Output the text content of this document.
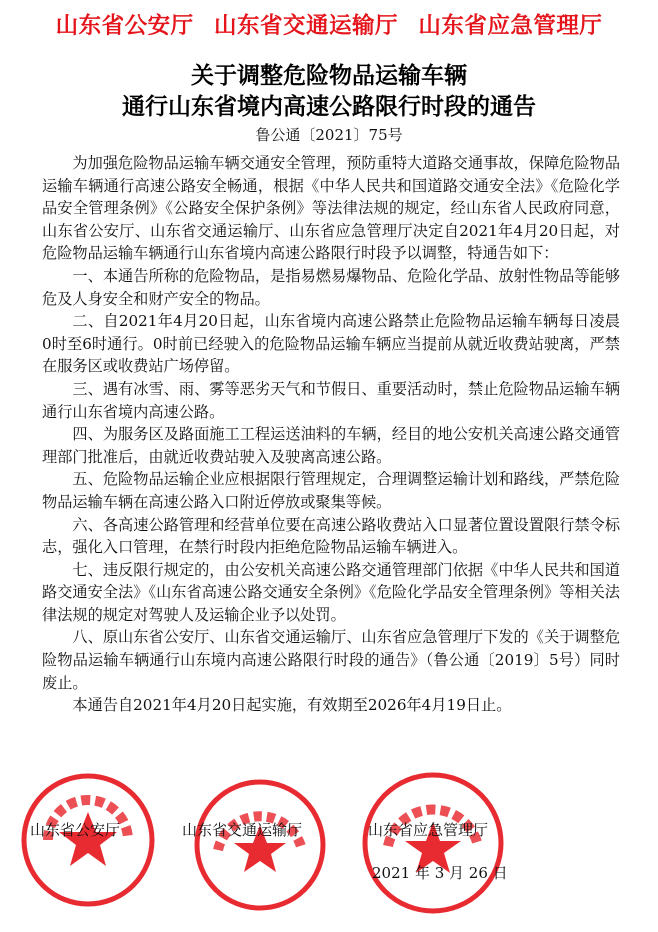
山东省公安厅 山东省交通运输厅 山东省应急管理厅
关于调整危险物品运输车辆
通行山东省境内高速公路限行时段的通告
鲁公通〔2021〕75号

为加强危险物品运输车辆交通安全管理，预防重特大道路交通事故，保障危险物品运输车辆通行高速公路安全畅通，根据《中华人民共和国道路交通安全法》《危险化学品安全管理条例》《公路安全保护条例》等法律法规的规定，经山东省人民政府同意，山东省公安厅、山东省交通运输厅、山东省应急管理厅决定自2021年4月20日起，对危险物品运输车辆通行山东省境内高速公路限行时段予以调整，特通告如下：

一、本通告所称的危险物品，是指易燃易爆物品、危险化学品、放射性物品等能够危及人身安全和财产安全的物品。

二、自2021年4月20日起，山东省境内高速公路禁止危险物品运输车辆每日凌晨0时至6时通行。0时前已经驶入的危险物品运输车辆应当提前从就近收费站驶离，严禁在服务区或收费站广场停留。

三、遇有冰雪、雨、雾等恶劣天气和节假日、重要活动时，禁止危险物品运输车辆通行山东省境内高速公路。

四、为服务区及路面施工工程运送油料的车辆，经目的地公安机关高速公路交通管理部门批准后，由就近收费站驶入及驶离高速公路。

五、危险物品运输企业应根据限行管理规定，合理调整运输计划和路线，严禁危险物品运输车辆在高速公路入口附近停放或聚集等候。

六、各高速公路管理和经营单位要在高速公路收费站入口显著位置设置限行禁令标志，强化入口管理，在禁行时段内拒绝危险物品运输车辆进入。

七、违反限行规定的，由公安机关高速公路交通管理部门依据《中华人民共和国道路交通安全法》《山东省高速公路交通安全条例》《危险化学品安全管理条例》等相关法律法规的规定对驾驶人及运输企业予以处罚。

八、原山东省公安厅、山东省交通运输厅、山东省应急管理厅下发的《关于调整危险物品运输车辆通行山东境内高速公路限行时段的通告》（鲁公通〔2019〕5号）同时废止。

本通告自2021年4月20日起实施，有效期至2026年4月19日止。

山东省公安厅	山东省交通运输厅	山东省应急管理厅
2021 年 3 月 26 日
